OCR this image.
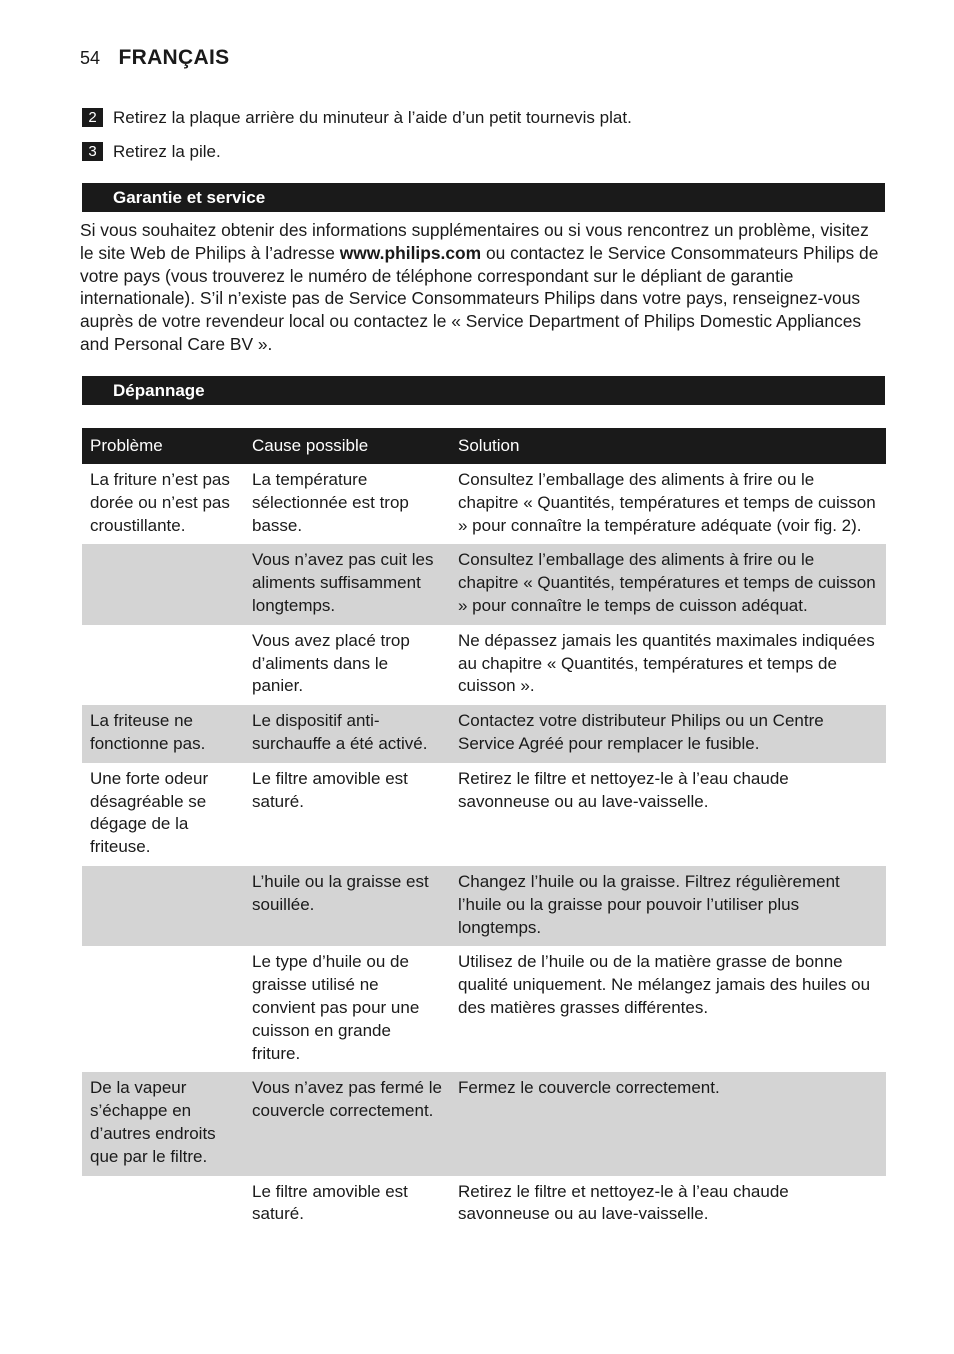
54 FRANÇAIS
2 Retirez la plaque arrière du minuteur à l’aide d’un petit tournevis plat.
3 Retirez la pile.
Garantie et service

Si vous souhaitez obtenir des informations supplémentaires ou si vous rencontrez un problème, visitez le site Web de Philips à l’adresse www.philips.com ou contactez le Service Consommateurs Philips de votre pays (vous trouverez le numéro de téléphone correspondant sur le dépliant de garantie internationale). S’il n’existe pas de Service Consommateurs Philips dans votre pays, renseignez-vous auprès de votre revendeur local ou contactez le « Service Department of Philips Domestic Appliances and Personal Care BV ».

Dépannage
Problème	Cause possible	Solution
La friture n’est pas dorée ou n’est pas croustillante.	La température sélectionnée est trop basse.	Consultez l’emballage des aliments à frire ou le chapitre « Quantités, températures et temps de cuisson » pour connaître la température adéquate (voir fig. 2).
	Vous n’avez pas cuit les aliments suffisamment longtemps.	Consultez l’emballage des aliments à frire ou le chapitre « Quantités, températures et temps de cuisson » pour connaître le temps de cuisson adéquat.
	Vous avez placé trop d’aliments dans le panier.	Ne dépassez jamais les quantités maximales indiquées au chapitre « Quantités, températures et temps de cuisson ».
La friteuse ne fonctionne pas.	Le dispositif anti-surchauffe a été activé.	Contactez votre distributeur Philips ou un Centre Service Agréé pour remplacer le fusible.
Une forte odeur désagréable se dégage de la friteuse.	Le filtre amovible est saturé.	Retirez le filtre et nettoyez-le à l’eau chaude savonneuse ou au lave-vaisselle.
	L’huile ou la graisse est souillée.	Changez l’huile ou la graisse. Filtrez régulièrement l’huile ou la graisse pour pouvoir l’utiliser plus longtemps.
	Le type d’huile ou de graisse utilisé ne convient pas pour une cuisson en grande friture.	Utilisez de l’huile ou de la matière grasse de bonne qualité uniquement. Ne mélangez jamais des huiles ou des matières grasses différentes.
De la vapeur s’échappe en d’autres endroits que par le filtre.	Vous n’avez pas fermé le couvercle correctement.	Fermez le couvercle correctement.
	Le filtre amovible est saturé.	Retirez le filtre et nettoyez-le à l’eau chaude savonneuse ou au lave-vaisselle.
